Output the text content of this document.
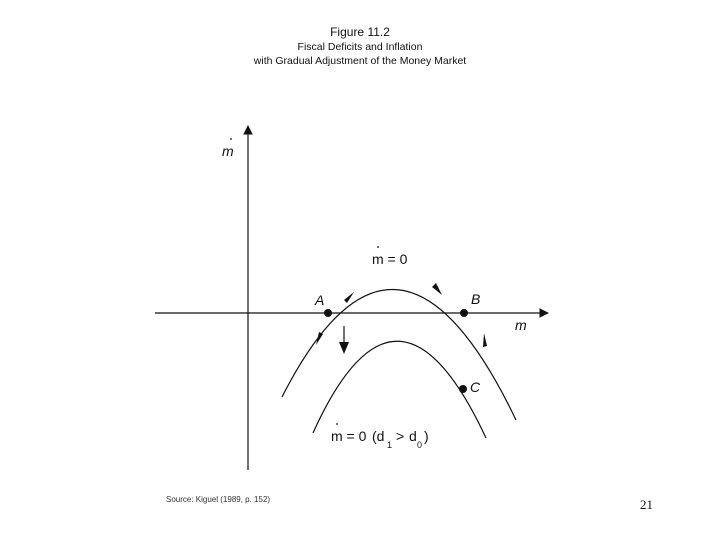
Figure 11.2
Fiscal Deficits and Inflation
with Gradual Adjustment of the Money Market
m
m
A	B
C
m = 0
m = 0 (d
1
> d
0
)
Source: Kiguel (1989, p. 152)	21
